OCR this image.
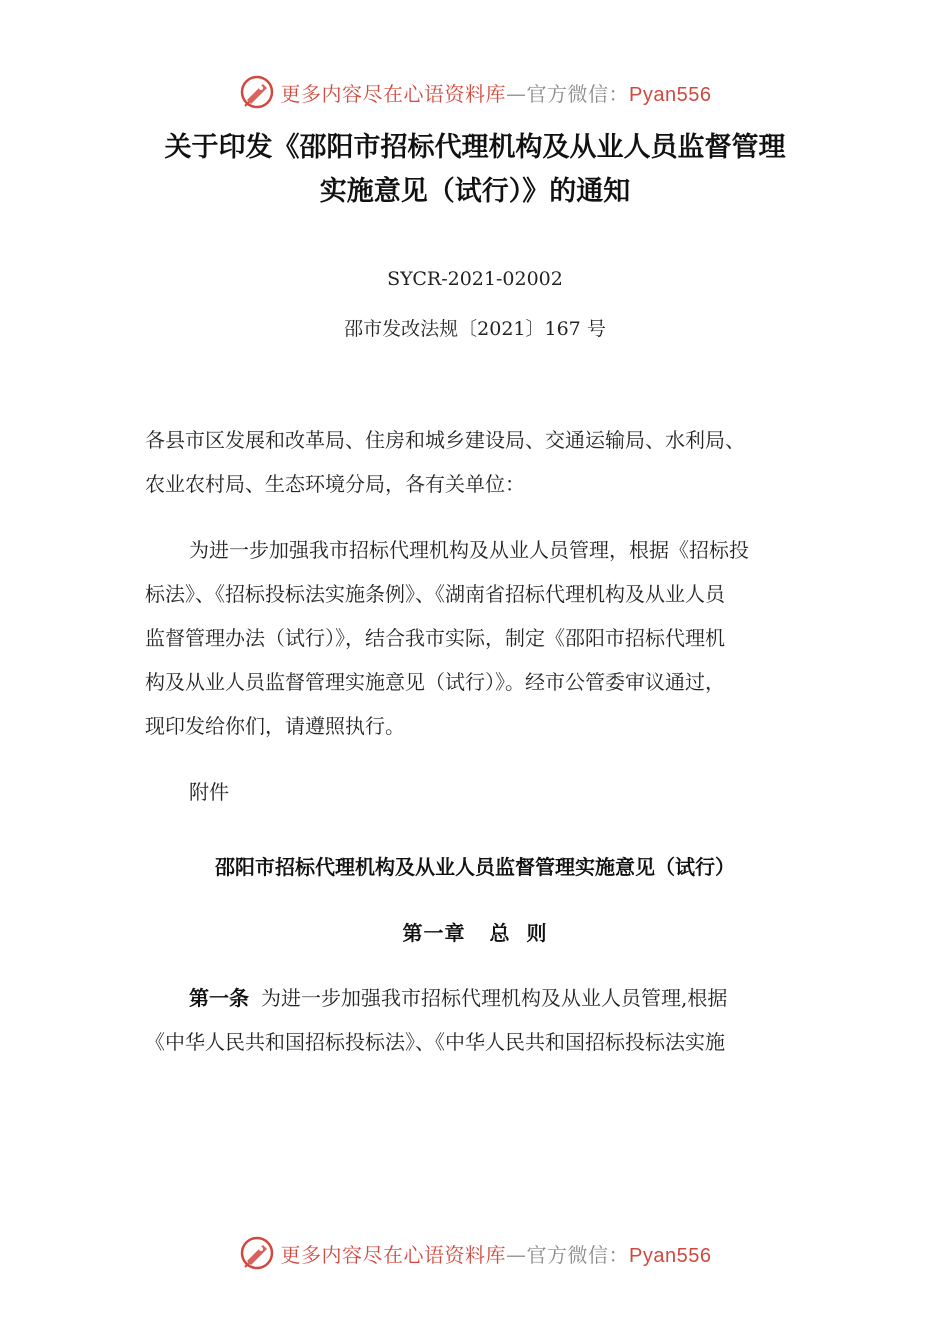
更多内容尽在心语资料库—官方微信：Pyan556
关于印发《邵阳市招标代理机构及从业人员监督管理
实施意见（试行）》的通知
SYCR-2021-02002
邵市发改法规〔2021〕167 号
各县市区发展和改革局、住房和城乡建设局、交通运输局、水利局、
农业农村局、生态环境分局，各有关单位：
为进一步加强我市招标代理机构及从业人员管理，根据《招标投
标法》、《招标投标法实施条例》、《湖南省招标代理机构及从业人员
监督管理办法（试行）》，结合我市实际，制定《邵阳市招标代理机
构及从业人员监督管理实施意见（试行）》。经市公管委审议通过，
现印发给你们，请遵照执行。
附件
邵阳市招标代理机构及从业人员监督管理实施意见（试行）
第一章 总  则
第一条 为进一步加强我市招标代理机构及从业人员管理,根据
《中华人民共和国招标投标法》、《中华人民共和国招标投标法实施
更多内容尽在心语资料库—官方微信：Pyan556
